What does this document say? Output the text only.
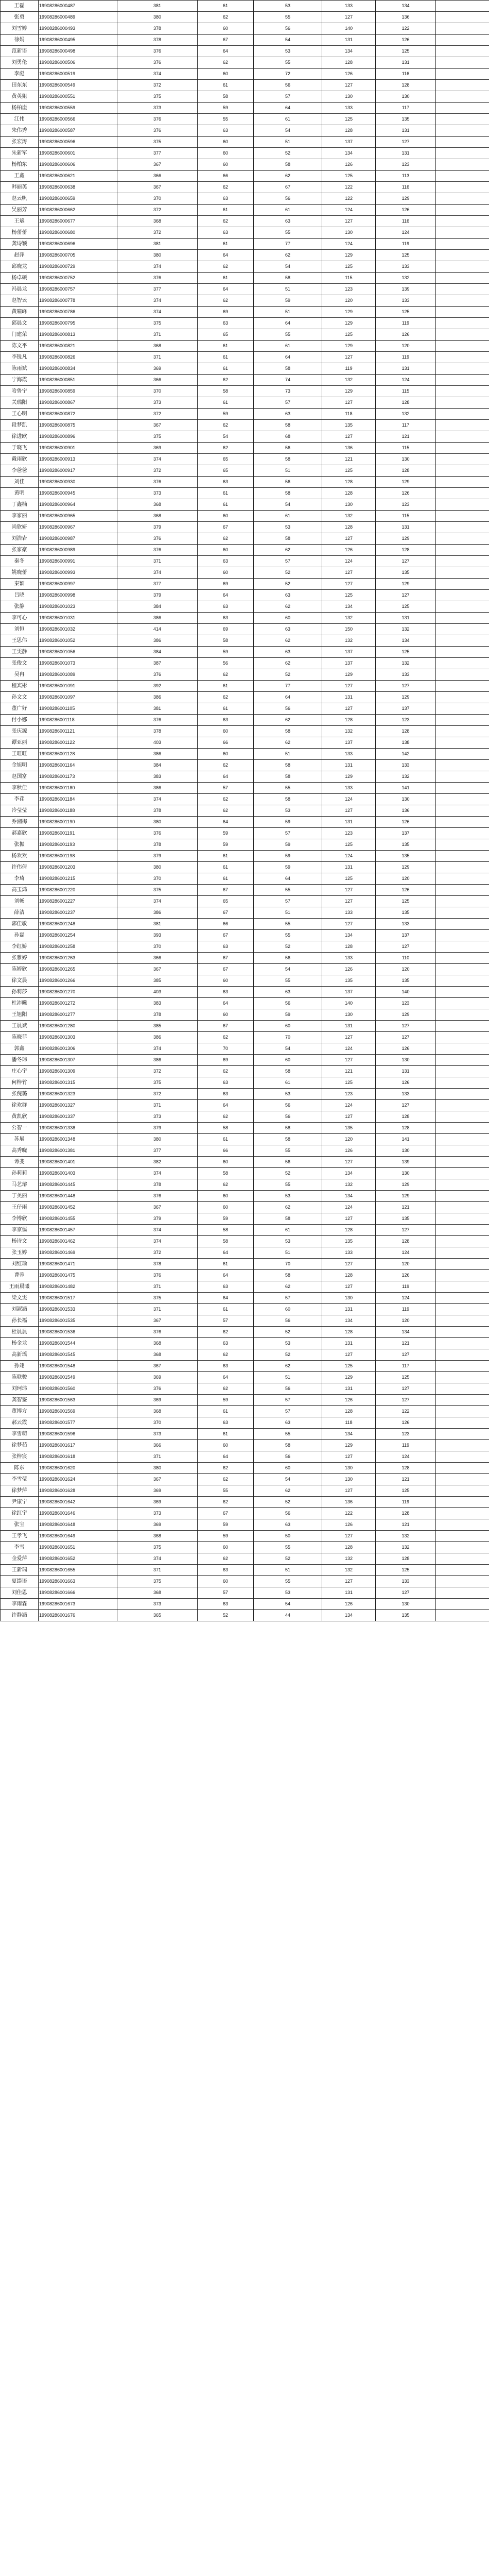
王磊	19908286000487	381	61	53	133	134	
张勇	19908286000489	380	62	55	127	136	
刘雪婷	19908286000493	378	60	56	140	122	
徐娟	19908286000495	378	67	54	131	126	
范新语	19908286000498	376	64	53	134	125	
刘勇伦	19908286000506	376	62	55	128	131	
李彪	19908286000519	374	60	72	126	116	
田东东	19908286000549	372	61	56	127	128	
黄英姐	19908286000551	375	58	57	130	130	
杨柏崖	19908286000559	373	59	64	133	117	
江伟	19908286000566	376	55	61	125	135	
朱伟秀	19908286000587	376	63	54	128	131	
张宏涛	19908286000596	375	60	51	137	127	
朱新军	19908286000601	377	60	52	134	131	
杨柏东	19908286000606	367	60	58	126	123	
王鑫	19908286000621	366	66	62	125	113	
韩丽英	19908286000638	367	62	67	122	116	
赵云帆	19908286000659	370	63	56	122	129	
吴丽芳	19908286000662	372	61	61	124	126	
王斌	19908286000677	368	62	63	127	116	
杨蕾蕾	19908286000680	372	63	55	130	124	
龚诗颖	19908286000696	381	61	77	124	119	
赵萍	19908286000705	380	64	62	129	125	
邱晓龙	19908286000729	374	62	54	125	133	
杨卓硕	19908286000752	376	61	58	115	132	
冯晨龙	19908286000757	377	64	51	123	139	
赵智云	19908286000778	374	62	59	120	133	
黄啸峰	19908286000786	374	69	51	129	125	
邱晨文	19908286000795	375	63	64	129	119	
门建荣	19908286000813	371	65	55	125	126	
陈文平	19908286000821	368	61	61	129	120	
李锐凡	19908286000826	371	61	64	127	119	
陈雨斌	19908286000834	369	61	58	119	131	
宁海霞	19908286000851	366	62	74	132	124	
哈鲁宁	19908286000859	370	58	73	129	115	
关瑞阳	19908286000867	373	61	57	127	128	
王心明	19908286000872	372	59	63	118	132	
段梦凯	19908286000875	367	62	58	135	117	
徐进欧	19908286000896	375	54	68	127	121	
于晓飞	19908286000901	369	62	56	136	115	
戴雨欣	19908286000913	374	65	58	121	130	
李爸爸	19908286000917	372	65	51	125	128	
刘佳	19908286000930	376	63	56	128	129	
黄明	19908286000945	373	61	58	128	126	
丁鑫楠	19908286000964	368	61	54	130	123	
李家丽	19908286000965	368	60	61	132	115	
尚欣妍	19908286000967	379	67	53	128	131	
刘浩岩	19908286000987	376	62	58	127	129	
张家豪	19908286000989	376	60	62	126	128	
秦冬	19908286000991	371	63	57	124	127	
姚晓蕾	19908286000993	374	60	52	127	135	
秦颖	19908286000997	377	69	52	127	129	
吕晓	19908286000998	379	64	63	125	127	
张静	19908286001023	384	63	62	134	125	
李可心	19908286001031	386	63	60	132	131	
刘恒	19908286001032	414	69	63	150	132	
王思伟	19908286001052	386	58	62	132	134	
王雯静	19908286001056	384	59	63	137	125	
张俊文	19908286001073	387	56	62	137	132	
吴冉	19908286001089	376	62	52	129	133	
程宾彬	19908286001091	392	61	77	127	127	
孙文文	19908286001097	386	62	64	131	129	
董广好	19908286001105	381	61	56	127	137	
付小娜	19908286001118	376	63	62	128	123	
张庆源	19908286001121	378	60	58	132	128	
谭亚丽	19908286001122	403	66	62	137	138	
王旺旺	19908286001128	386	60	51	133	142	
金旭明	19908286001164	384	62	58	131	133	
赵国富	19908286001173	383	64	58	129	132	
李秋佳	19908286001180	386	57	55	133	141	
李荏	19908286001184	374	62	58	124	130	
冷莹莹	19908286001188	378	62	53	127	136	
乔湘梅	19908286001190	380	64	59	131	126	
郝嘉欣	19908286001191	376	59	57	123	137	
张振	19908286001193	378	59	59	125	135	
杨欢欢	19908286001198	379	61	59	124	135	
许伟倩	19908286001203	380	61	59	131	129	
李琦	19908286001215	370	61	64	125	120	
高玉鸿	19908286001220	375	67	55	127	126	
刘畅	19908286001227	374	65	57	127	125	
薛洁	19908286001237	386	67	51	133	135	
郭佳敏	19908286001248	381	66	55	127	133	
孙磊	19908286001254	393	67	55	134	137	
李红娇	19908286001258	370	63	52	128	127	
张雅婷	19908286001263	366	67	56	133	110	
陈婷欣	19908286001265	367	67	54	126	120	
徐文晨	19908286001266	385	60	55	135	135	
孙莉莎	19908286001270	403	63	63	137	140	
杜沛曦	19908286001272	383	64	56	140	123	
王旭阳	19908286001277	378	60	59	130	129	
王晨斌	19908286001280	385	67	60	131	127	
陈晓菲	19908286001303	386	62	70	127	127	
郭鑫	19908286001306	374	70	54	124	126	
潘冬玮	19908286001307	386	69	60	127	130	
庄心宇	19908286001309	372	62	58	121	131	
何梓竹	19908286001315	375	63	61	125	126	
张倪璐	19908286001323	372	63	53	123	133	
徐欢群	19908286001327	371	64	56	124	127	
黄凯欣	19908286001337	373	62	56	127	128	
公智一	19908286001338	379	58	58	135	128	
苏展	19908286001348	380	61	58	120	141	
高秀晓	19908286001381	377	66	55	126	130	
谭斐	19908286001401	382	60	56	127	139	
孙莉莉	19908286001403	374	58	52	134	130	
马艺璿	19908286001445	378	62	55	132	129	
丁美丽	19908286001448	376	60	53	134	129	
王仔雨	19908286001452	367	60	62	124	121	
李博欣	19908286001455	379	59	58	127	135	
李京儒	19908286001457	374	58	61	128	127	
杨诗文	19908286001462	374	58	53	135	128	
张玉婷	19908286001469	372	64	51	133	124	
刘红瑜	19908286001471	378	61	70	127	120	
曹蓉	19908286001475	376	64	58	128	126	
王雨晨曦	19908286001482	371	63	62	127	119	
梁文雯	19908286001517	375	64	57	130	124	
刘淑涵	19908286001533	371	61	60	131	119	
孙长福	19908286001535	367	57	56	134	120	
杜晨晨	19908286001536	376	62	52	128	134	
杨金龙	19908286001544	368	63	53	131	121	
高新瑶	19908286001545	368	62	52	127	127	
孙翊	19908286001548	367	63	62	125	117	
陈联骏	19908286001549	369	64	51	129	125	
刘珂玮	19908286001560	376	62	56	131	127	
龚智鉴	19908286001563	369	59	57	126	127	
董博方	19908286001569	368	61	57	128	122	
郝云霞	19908286001577	370	63	63	118	126	
李雪萌	19908286001596	373	61	55	134	123	
徐梦茹	19908286001617	366	60	58	129	119	
张梓宸	19908286001618	371	64	56	127	124	
陈东	19908286001620	380	62	60	130	128	
李雪莹	19908286001624	367	62	54	130	121	
徐梦萍	19908286001628	369	55	62	127	125	
尹康宁	19908286001642	369	62	52	136	119	
徐红宇	19908286001646	373	67	56	122	128	
张宝	19908286001648	369	59	63	126	121	
王孝飞	19908286001649	368	59	50	127	132	
李雪	19908286001651	375	60	55	128	132	
金爱萍	19908286001652	374	62	52	132	128	
王新瑞	19908286001655	371	63	51	132	125	
夏缇语	19908286001663	375	60	55	127	133	
刘佳恩	19908286001666	368	57	53	131	127	
李雨霖	19908286001673	373	63	54	126	130	
许静涵	19908286001676	365	52	44	134	135	
